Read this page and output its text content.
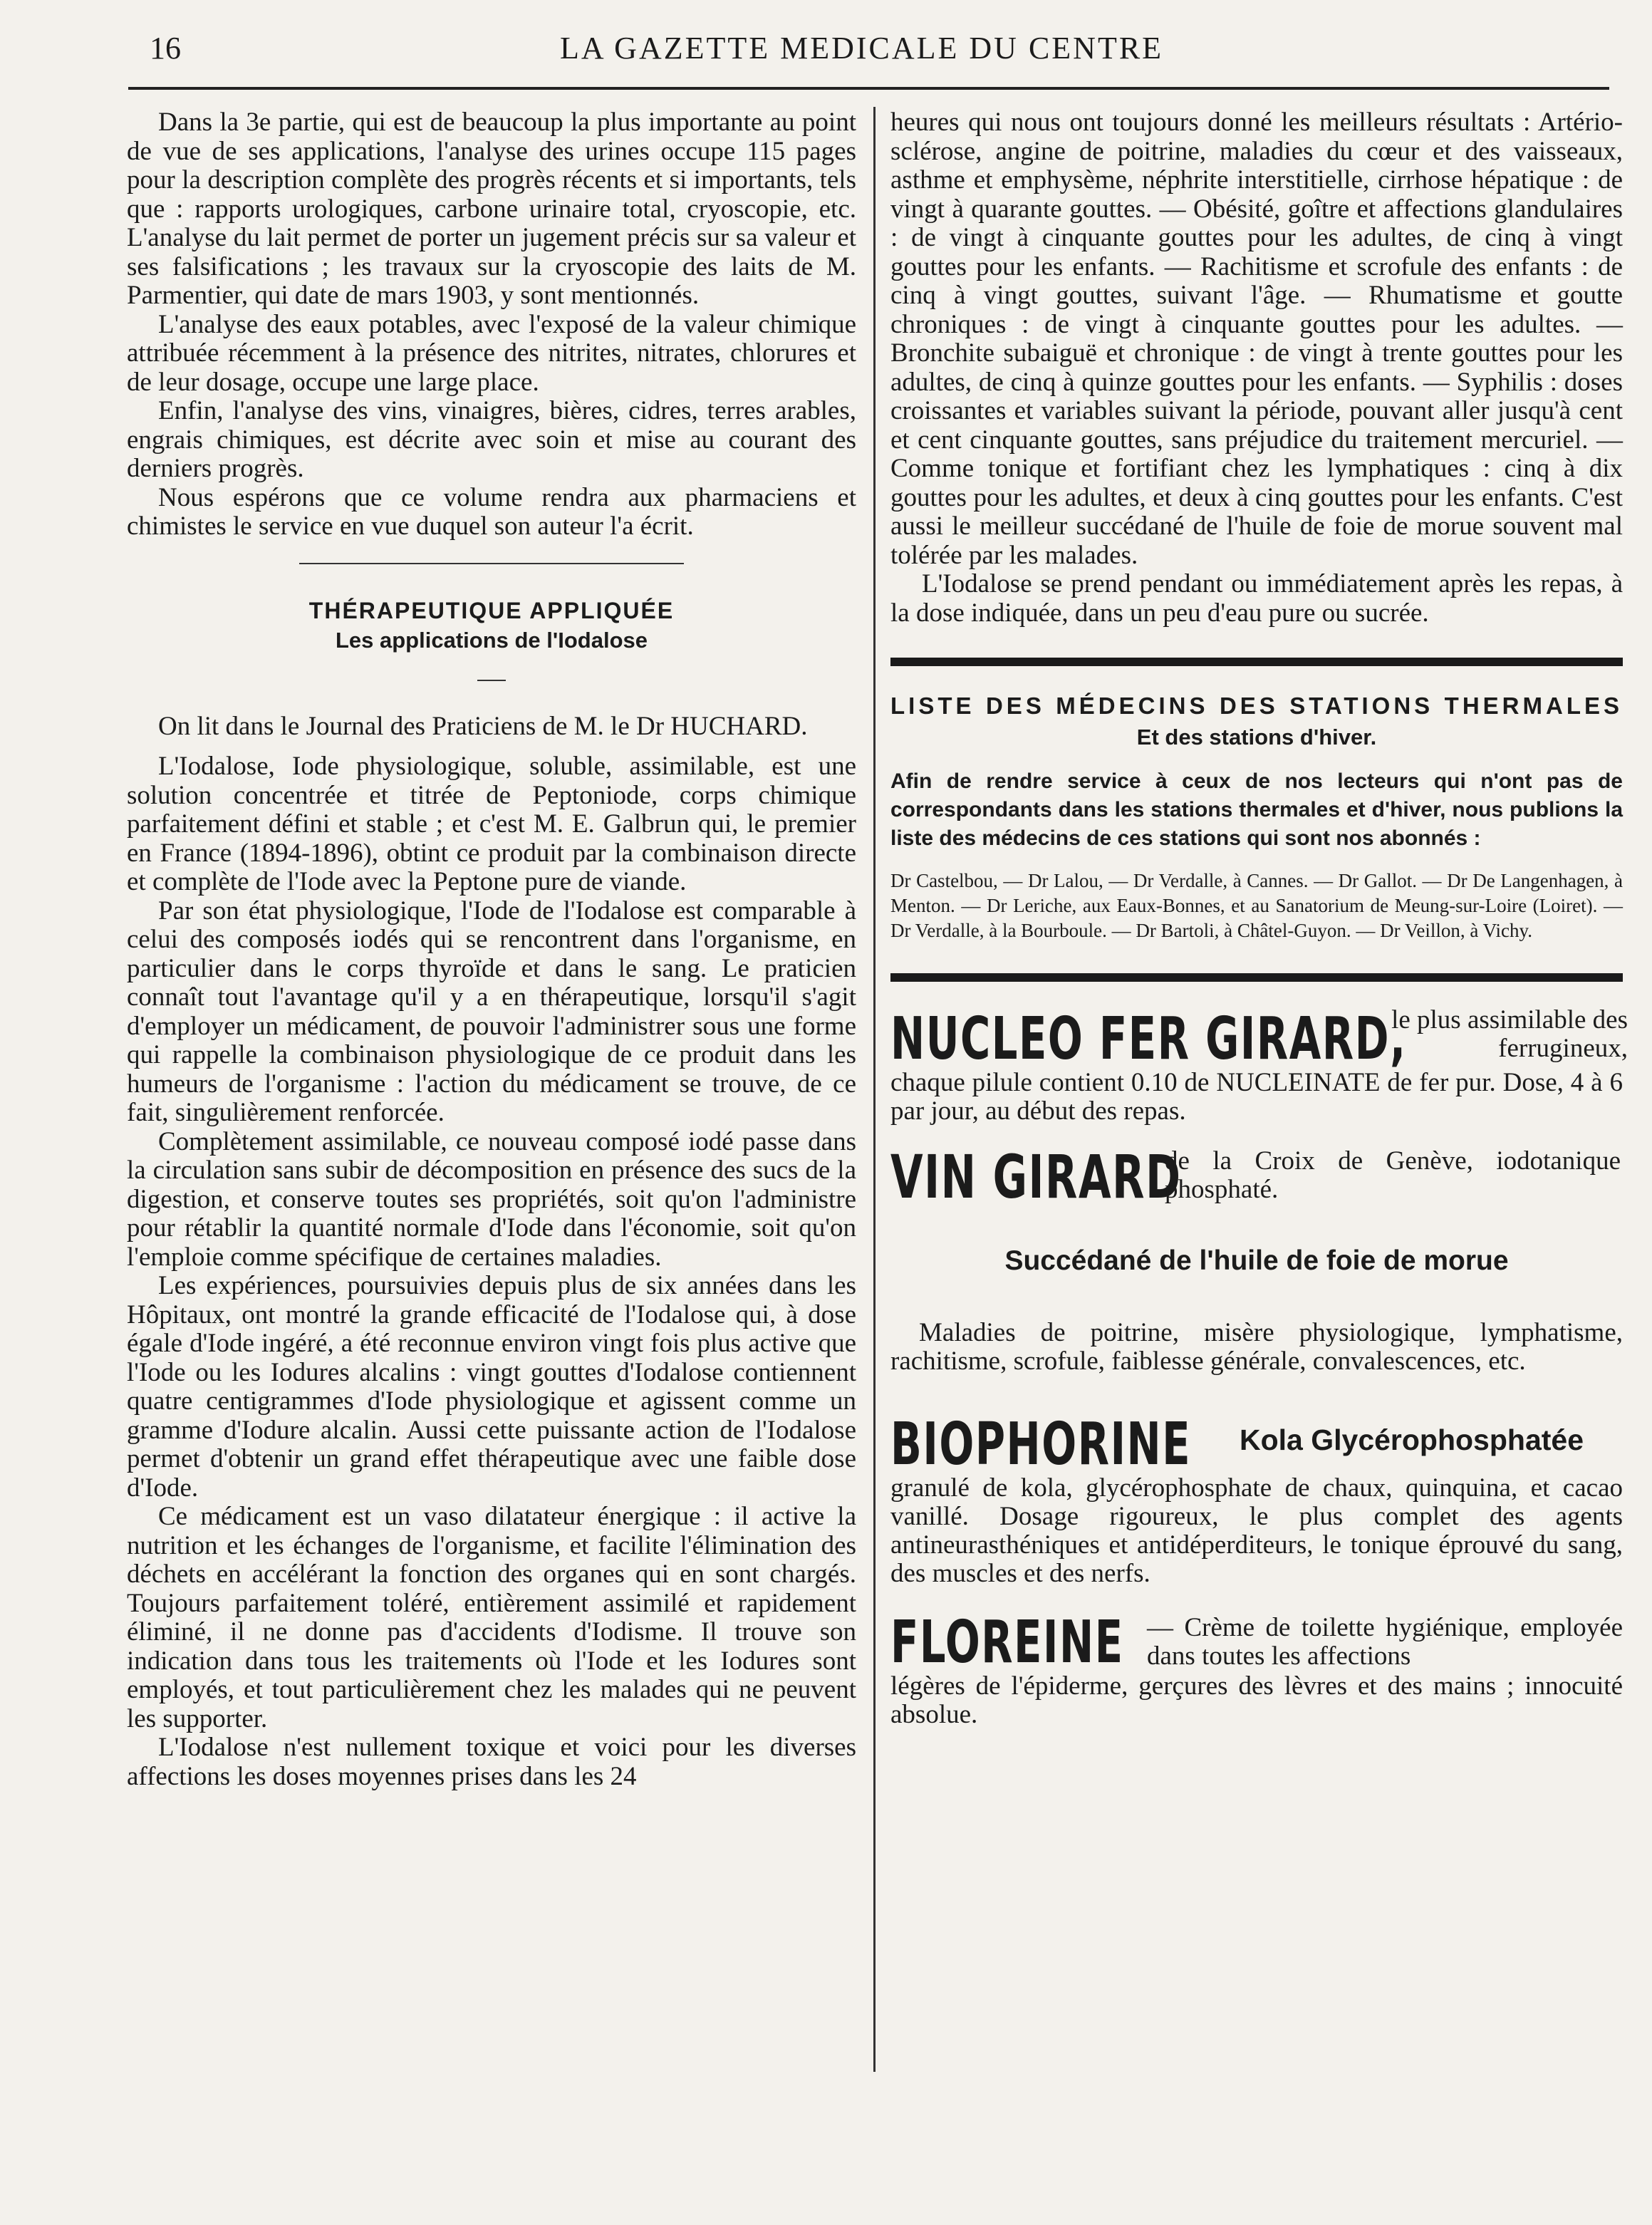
16	LA GAZETTE MEDICALE DU CENTRE

Dans la 3e partie, qui est de beaucoup la plus importante au point de vue de ses applications, l'analyse des urines occupe 115 pages pour la description complète des progrès récents et si importants, tels que : rapports urologiques, carbone urinaire total, cryoscopie, etc. L'analyse du lait permet de porter un jugement précis sur sa valeur et ses falsifications ; les travaux sur la cryoscopie des laits de M. Parmentier, qui date de mars 1903, y sont mentionnés.

L'analyse des eaux potables, avec l'exposé de la valeur chimique attribuée récemment à la présence des nitrites, nitrates, chlorures et de leur dosage, occupe une large place.

Enfin, l'analyse des vins, vinaigres, bières, cidres, terres arables, engrais chimiques, est décrite avec soin et mise au courant des derniers progrès.

Nous espérons que ce volume rendra aux pharmaciens et chimistes le service en vue duquel son auteur l'a écrit.

THÉRAPEUTIQUE APPLIQUÉE
Les applications de l'Iodalose

On lit dans le Journal des Praticiens de M. le Dr HUCHARD.

L'Iodalose, Iode physiologique, soluble, assimilable, est une solution concentrée et titrée de Peptoniode, corps chimique parfaitement défini et stable ; et c'est M. E. Galbrun qui, le premier en France (1894-1896), obtint ce produit par la combinaison directe et complète de l'Iode avec la Peptone pure de viande.

Par son état physiologique, l'Iode de l'Iodalose est comparable à celui des composés iodés qui se rencontrent dans l'organisme, en particulier dans le corps thyroïde et dans le sang. Le praticien connaît tout l'avantage qu'il y a en thérapeutique, lorsqu'il s'agit d'employer un médicament, de pouvoir l'administrer sous une forme qui rappelle la combinaison physiologique de ce produit dans les humeurs de l'organisme : l'action du médicament se trouve, de ce fait, singulièrement renforcée.

Complètement assimilable, ce nouveau composé iodé passe dans la circulation sans subir de décomposition en présence des sucs de la digestion, et conserve toutes ses propriétés, soit qu'on l'administre pour rétablir la quantité normale d'Iode dans l'économie, soit qu'on l'emploie comme spécifique de certaines maladies.

Les expériences, poursuivies depuis plus de six années dans les Hôpitaux, ont montré la grande efficacité de l'Iodalose qui, à dose égale d'Iode ingéré, a été reconnue environ vingt fois plus active que l'Iode ou les Iodures alcalins : vingt gouttes d'Iodalose contiennent quatre centigrammes d'Iode physiologique et agissent comme un gramme d'Iodure alcalin. Aussi cette puissante action de l'Iodalose permet d'obtenir un grand effet thérapeutique avec une faible dose d'Iode.

Ce médicament est un vaso dilatateur énergique : il active la nutrition et les échanges de l'organisme, et facilite l'élimination des déchets en accélérant la fonction des organes qui en sont chargés. Toujours parfaitement toléré, entièrement assimilé et rapidement éliminé, il ne donne pas d'accidents d'Iodisme. Il trouve son indication dans tous les traitements où l'Iode et les Iodures sont employés, et tout particulièrement chez les malades qui ne peuvent les supporter.

L'Iodalose n'est nullement toxique et voici pour les diverses affections les doses moyennes prises dans les 24

heures qui nous ont toujours donné les meilleurs résultats : Artério-sclérose, angine de poitrine, maladies du cœur et des vaisseaux, asthme et emphysème, néphrite interstitielle, cirrhose hépatique : de vingt à quarante gouttes. — Obésité, goître et affections glandulaires : de vingt à cinquante gouttes pour les adultes, de cinq à vingt gouttes pour les enfants. — Rachitisme et scrofule des enfants : de cinq à vingt gouttes, suivant l'âge. — Rhumatisme et goutte chroniques : de vingt à cinquante gouttes pour les adultes. — Bronchite subaiguë et chronique : de vingt à trente gouttes pour les adultes, de cinq à quinze gouttes pour les enfants. — Syphilis : doses croissantes et variables suivant la période, pouvant aller jusqu'à cent et cent cinquante gouttes, sans préjudice du traitement mercuriel. — Comme tonique et fortifiant chez les lymphatiques : cinq à dix gouttes pour les adultes, et deux à cinq gouttes pour les enfants. C'est aussi le meilleur succédané de l'huile de foie de morue souvent mal tolérée par les malades.

L'Iodalose se prend pendant ou immédiatement après les repas, à la dose indiquée, dans un peu d'eau pure ou sucrée.

LISTE DES MÉDECINS DES STATIONS THERMALES
Et des stations d'hiver.
Afin de rendre service à ceux de nos lecteurs qui n'ont pas de correspondants dans les stations thermales et d'hiver, nous publions la liste des médecins de ces stations qui sont nos abonnés :
Dr Castelbou, — Dr Lalou, — Dr Verdalle, à Cannes. — Dr Gallot. — Dr De Langenhagen, à Menton. — Dr Leriche, aux Eaux-Bonnes, et au Sanatorium de Meung-sur-Loire (Loiret). — Dr Verdalle, à la Bourboule. — Dr Bartoli, à Châtel-Guyon. — Dr Veillon, à Vichy.
NUCLEO FER GIRARD,
le plus assimilable des ferrugineux,
chaque pilule contient 0.10 de NUCLEINATE de fer pur. Dose, 4 à 6 par jour, au début des repas.
VIN GIRARD
de la Croix de Genève, iodotanique phosphaté.
Succédané de l'huile de foie de morue
Maladies de poitrine, misère physiologique, lymphatisme, rachitisme, scrofule, faiblesse générale, convalescences, etc.
BIOPHORINE Kola Glycérophosphatée
granulé de kola, glycérophosphate de chaux, quinquina, et cacao vanillé. Dosage rigoureux, le plus complet des agents antineurasthéniques et antidéperditeurs, le tonique éprouvé du sang, des muscles et des nerfs.
FLOREINE — Crème de toilette hygiénique, employée dans toutes les affections
légères de l'épiderme, gerçures des lèvres et des mains ; innocuité absolue.
